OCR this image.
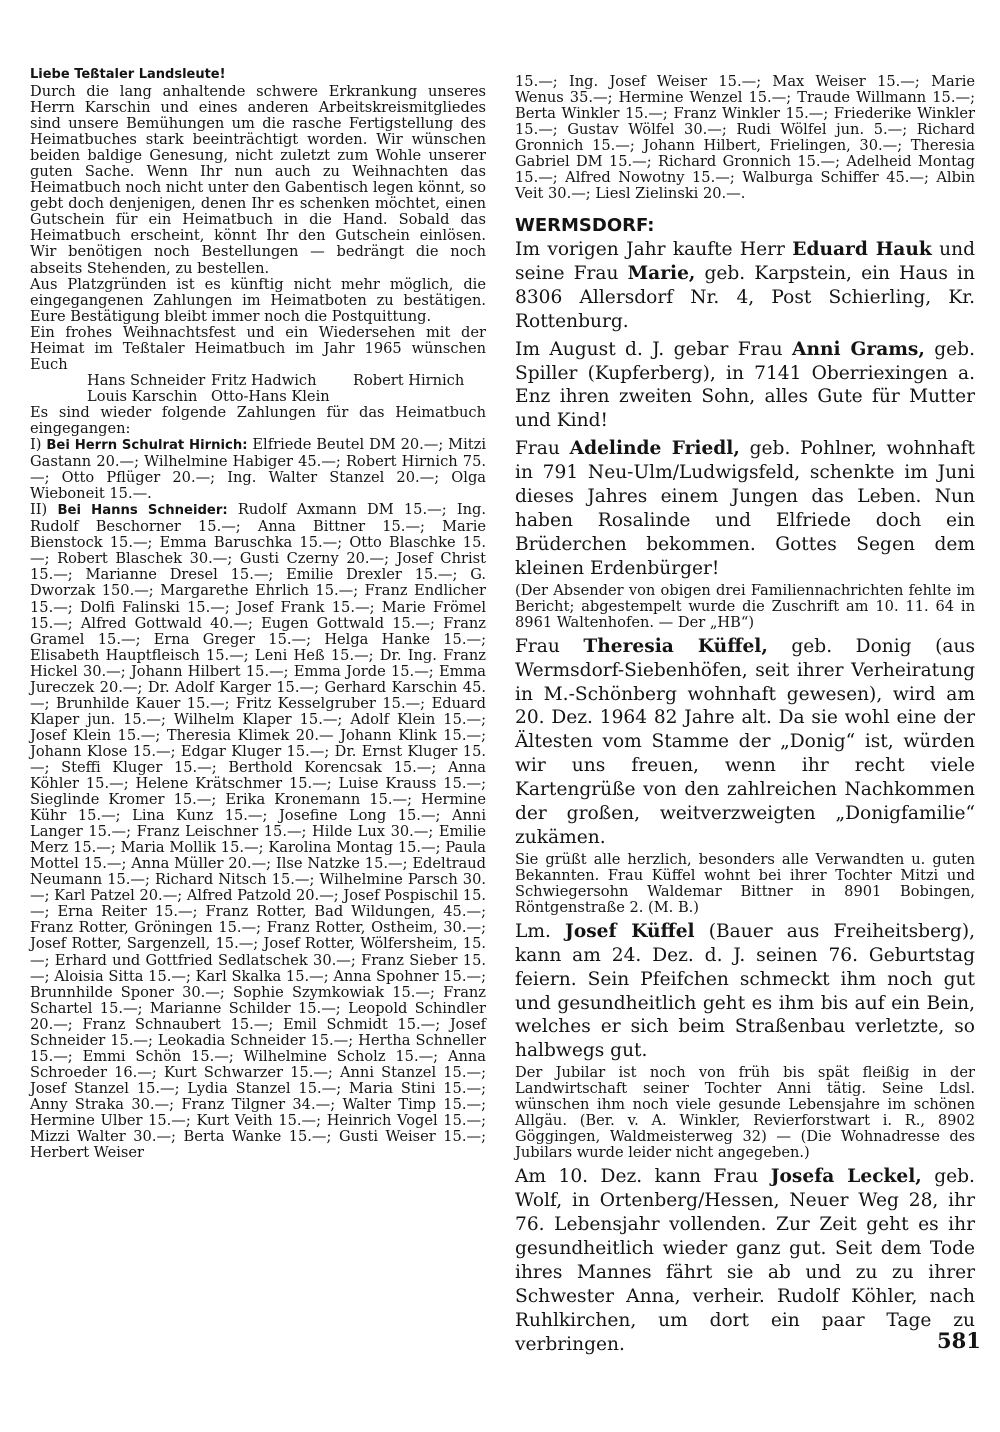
Liebe Teßtaler Landsleute!

Durch die lang anhaltende schwere Erkrankung unseres Herrn Karschin und eines anderen Arbeitskreismitgliedes sind unsere Bemühungen um die rasche Fertigstellung des Heimatbuches stark beeinträchtigt worden. Wir wünschen beiden baldige Genesung, nicht zuletzt zum Wohle unserer guten Sache. Wenn Ihr nun auch zu Weihnachten das Heimatbuch noch nicht unter den Gabentisch legen könnt, so gebt doch denjenigen, denen Ihr es schenken möchtet, einen Gutschein für ein Heimatbuch in die Hand. Sobald das Heimatbuch erscheint, könnt Ihr den Gutschein einlösen. Wir benötigen noch Bestellungen — bedrängt die noch abseits Stehenden, zu bestellen.

Aus Platzgründen ist es künftig nicht mehr möglich, die eingegangenen Zahlungen im Heimatboten zu bestätigen. Eure Bestätigung bleibt immer noch die Postquittung.

Ein frohes Weihnachtsfest und ein Wiedersehen mit der Heimat im Teßtaler Heimatbuch im Jahr 1965 wünschen Euch

Hans Schneider Fritz Hadwich	Robert Hirnich
Louis Karschin Otto-Hans Klein

Es sind wieder folgende Zahlungen für das Heimatbuch eingegangen:

I) Bei Herrn Schulrat Hirnich: Elfriede Beutel DM 20.—; Mitzi Gastann 20.—; Wilhelmine Habiger 45.—; Robert Hirnich 75.—; Otto Pflüger 20.—; Ing. Walter Stanzel 20.—; Olga Wieboneit 15.—.

II) Bei Hanns Schneider: Rudolf Axmann DM 15.—; Ing. Rudolf Beschorner 15.—; Anna Bittner 15.—; Marie Bienstock 15.—; Emma Baruschka 15.—; Otto Blaschke 15.—; Robert Blaschek 30.—; Gusti Czerny 20.—; Josef Christ 15.—; Marianne Dresel 15.—; Emilie Drexler 15.—; G. Dworzak 150.—; Margarethe Ehrlich 15.—; Franz Endlicher 15.—; Dolfi Falinski 15.—; Josef Frank 15.—; Marie Frömel 15.—; Alfred Gottwald 40.—; Eugen Gottwald 15.—; Franz Gramel 15.—; Erna Greger 15.—; Helga Hanke 15.—; Elisabeth Hauptfleisch 15.—; Leni Heß 15.—; Dr. Ing. Franz Hickel 30.—; Johann Hilbert 15.—; Emma Jorde 15.—; Emma Jureczek 20.—; Dr. Adolf Karger 15.—; Gerhard Karschin 45.—; Brunhilde Kauer 15.—; Fritz Kesselgruber 15.—; Eduard Klaper jun. 15.—; Wilhelm Klaper 15.—; Adolf Klein 15.—; Josef Klein 15.—; Theresia Klimek 20.— Johann Klink 15.—; Johann Klose 15.—; Edgar Kluger 15.—; Dr. Ernst Kluger 15.—; Steffi Kluger 15.—; Berthold Korencsak 15.—; Anna Köhler 15.—; Helene Krätschmer 15.—; Luise Krauss 15.—; Sieglinde Kromer 15.—; Erika Kronemann 15.—; Hermine Kühr 15.—; Lina Kunz 15.—; Josefine Long 15.—; Anni Langer 15.—; Franz Leischner 15.—; Hilde Lux 30.—; Emilie Merz 15.—; Maria Mollik 15.—; Karolina Montag 15.—; Paula Mottel 15.—; Anna Müller 20.—; Ilse Natzke 15.—; Edeltraud Neumann 15.—; Richard Nitsch 15.—; Wilhelmine Parsch 30.—; Karl Patzel 20.—; Alfred Patzold 20.—; Josef Pospischil 15.—; Erna Reiter 15.—; Franz Rotter, Bad Wildungen, 45.—; Franz Rotter, Gröningen 15.—; Franz Rotter, Ostheim, 30.—; Josef Rotter, Sargenzell, 15.—; Josef Rotter, Wölfersheim, 15.—; Erhard und Gottfried Sedlatschek 30.—; Franz Sieber 15.—; Aloisia Sitta 15.—; Karl Skalka 15.—; Anna Spohner 15.—; Brunnhilde Sponer 30.—; Sophie Szymkowiak 15.—; Franz Schartel 15.—; Marianne Schilder 15.—; Leopold Schindler 20.—; Franz Schnaubert 15.—; Emil Schmidt 15.—; Josef Schneider 15.—; Leokadia Schneider 15.—; Hertha Schneller 15.—; Emmi Schön 15.—; Wilhelmine Scholz 15.—; Anna Schroeder 16.—; Kurt Schwarzer 15.—; Anni Stanzel 15.—; Josef Stanzel 15.—; Lydia Stanzel 15.—; Maria Stini 15.—; Anny Straka 30.—; Franz Tilgner 34.—; Walter Timp 15.—; Hermine Ulber 15.—; Kurt Veith 15.—; Heinrich Vogel 15.—; Mizzi Walter 30.—; Berta Wanke 15.—; Gusti Weiser 15.—; Herbert Weiser

15.—; Ing. Josef Weiser 15.—; Max Weiser 15.—; Marie Wenus 35.—; Hermine Wenzel 15.—; Traude Willmann 15.—; Berta Winkler 15.—; Franz Winkler 15.—; Friederike Winkler 15.—; Gustav Wölfel 30.—; Rudi Wölfel jun. 5.—; Richard Gronnich 15.—; Johann Hilbert, Frielingen, 30.—; Theresia Gabriel DM 15.—; Richard Gronnich 15.—; Adelheid Montag 15.—; Alfred Nowotny 15.—; Walburga Schiffer 45.—; Albin Veit 30.—; Liesl Zielinski 20.—.

WERMSDORF:

Im vorigen Jahr kaufte Herr Eduard Hauk und seine Frau Marie, geb. Karpstein, ein Haus in 8306 Allersdorf Nr. 4, Post Schierling, Kr. Rottenburg.

Im August d. J. gebar Frau Anni Grams, geb. Spiller (Kupferberg), in 7141 Oberriexingen a. Enz ihren zweiten Sohn, alles Gute für Mutter und Kind!

Frau Adelinde Friedl, geb. Pohlner, wohnhaft in 791 Neu-Ulm/Ludwigsfeld, schenkte im Juni dieses Jahres einem Jungen das Leben. Nun haben Rosalinde und Elfriede doch ein Brüderchen bekommen. Gottes Segen dem kleinen Erdenbürger!

(Der Absender von obigen drei Familiennachrichten fehlte im Bericht; abgestempelt wurde die Zuschrift am 10. 11. 64 in 8961 Waltenhofen. — Der „HB“)

Frau Theresia Küffel, geb. Donig (aus Wermsdorf-Siebenhöfen, seit ihrer Verheiratung in M.-Schönberg wohnhaft gewesen), wird am 20. Dez. 1964 82 Jahre alt. Da sie wohl eine der Ältesten vom Stamme der „Donig“ ist, würden wir uns freuen, wenn ihr recht viele Kartengrüße von den zahlreichen Nachkommen der großen, weitverzweigten „Donigfamilie“ zukämen.

Sie grüßt alle herzlich, besonders alle Verwandten u. guten Bekannten. Frau Küffel wohnt bei ihrer Tochter Mitzi und Schwiegersohn Waldemar Bittner in 8901 Bobingen, Röntgenstraße 2. (M. B.)

Lm. Josef Küffel (Bauer aus Freiheitsberg), kann am 24. Dez. d. J. seinen 76. Geburtstag feiern. Sein Pfeifchen schmeckt ihm noch gut und gesundheitlich geht es ihm bis auf ein Bein, welches er sich beim Straßenbau verletzte, so halbwegs gut.

Der Jubilar ist noch von früh bis spät fleißig in der Landwirtschaft seiner Tochter Anni tätig. Seine Ldsl. wünschen ihm noch viele gesunde Lebensjahre im schönen Allgäu. (Ber. v. A. Winkler, Revierforstwart i. R., 8902 Göggingen, Waldmeisterweg 32) — (Die Wohnadresse des Jubilars wurde leider nicht angegeben.)

Am 10. Dez. kann Frau Josefa Leckel, geb. Wolf, in Ortenberg/Hessen, Neuer Weg 28, ihr 76. Lebensjahr vollenden. Zur Zeit geht es ihr gesundheitlich wieder ganz gut. Seit dem Tode ihres Mannes fährt sie ab und zu zu ihrer Schwester Anna, verheir. Rudolf Köhler, nach Ruhlkirchen, um dort ein paar Tage zu verbringen.	581
